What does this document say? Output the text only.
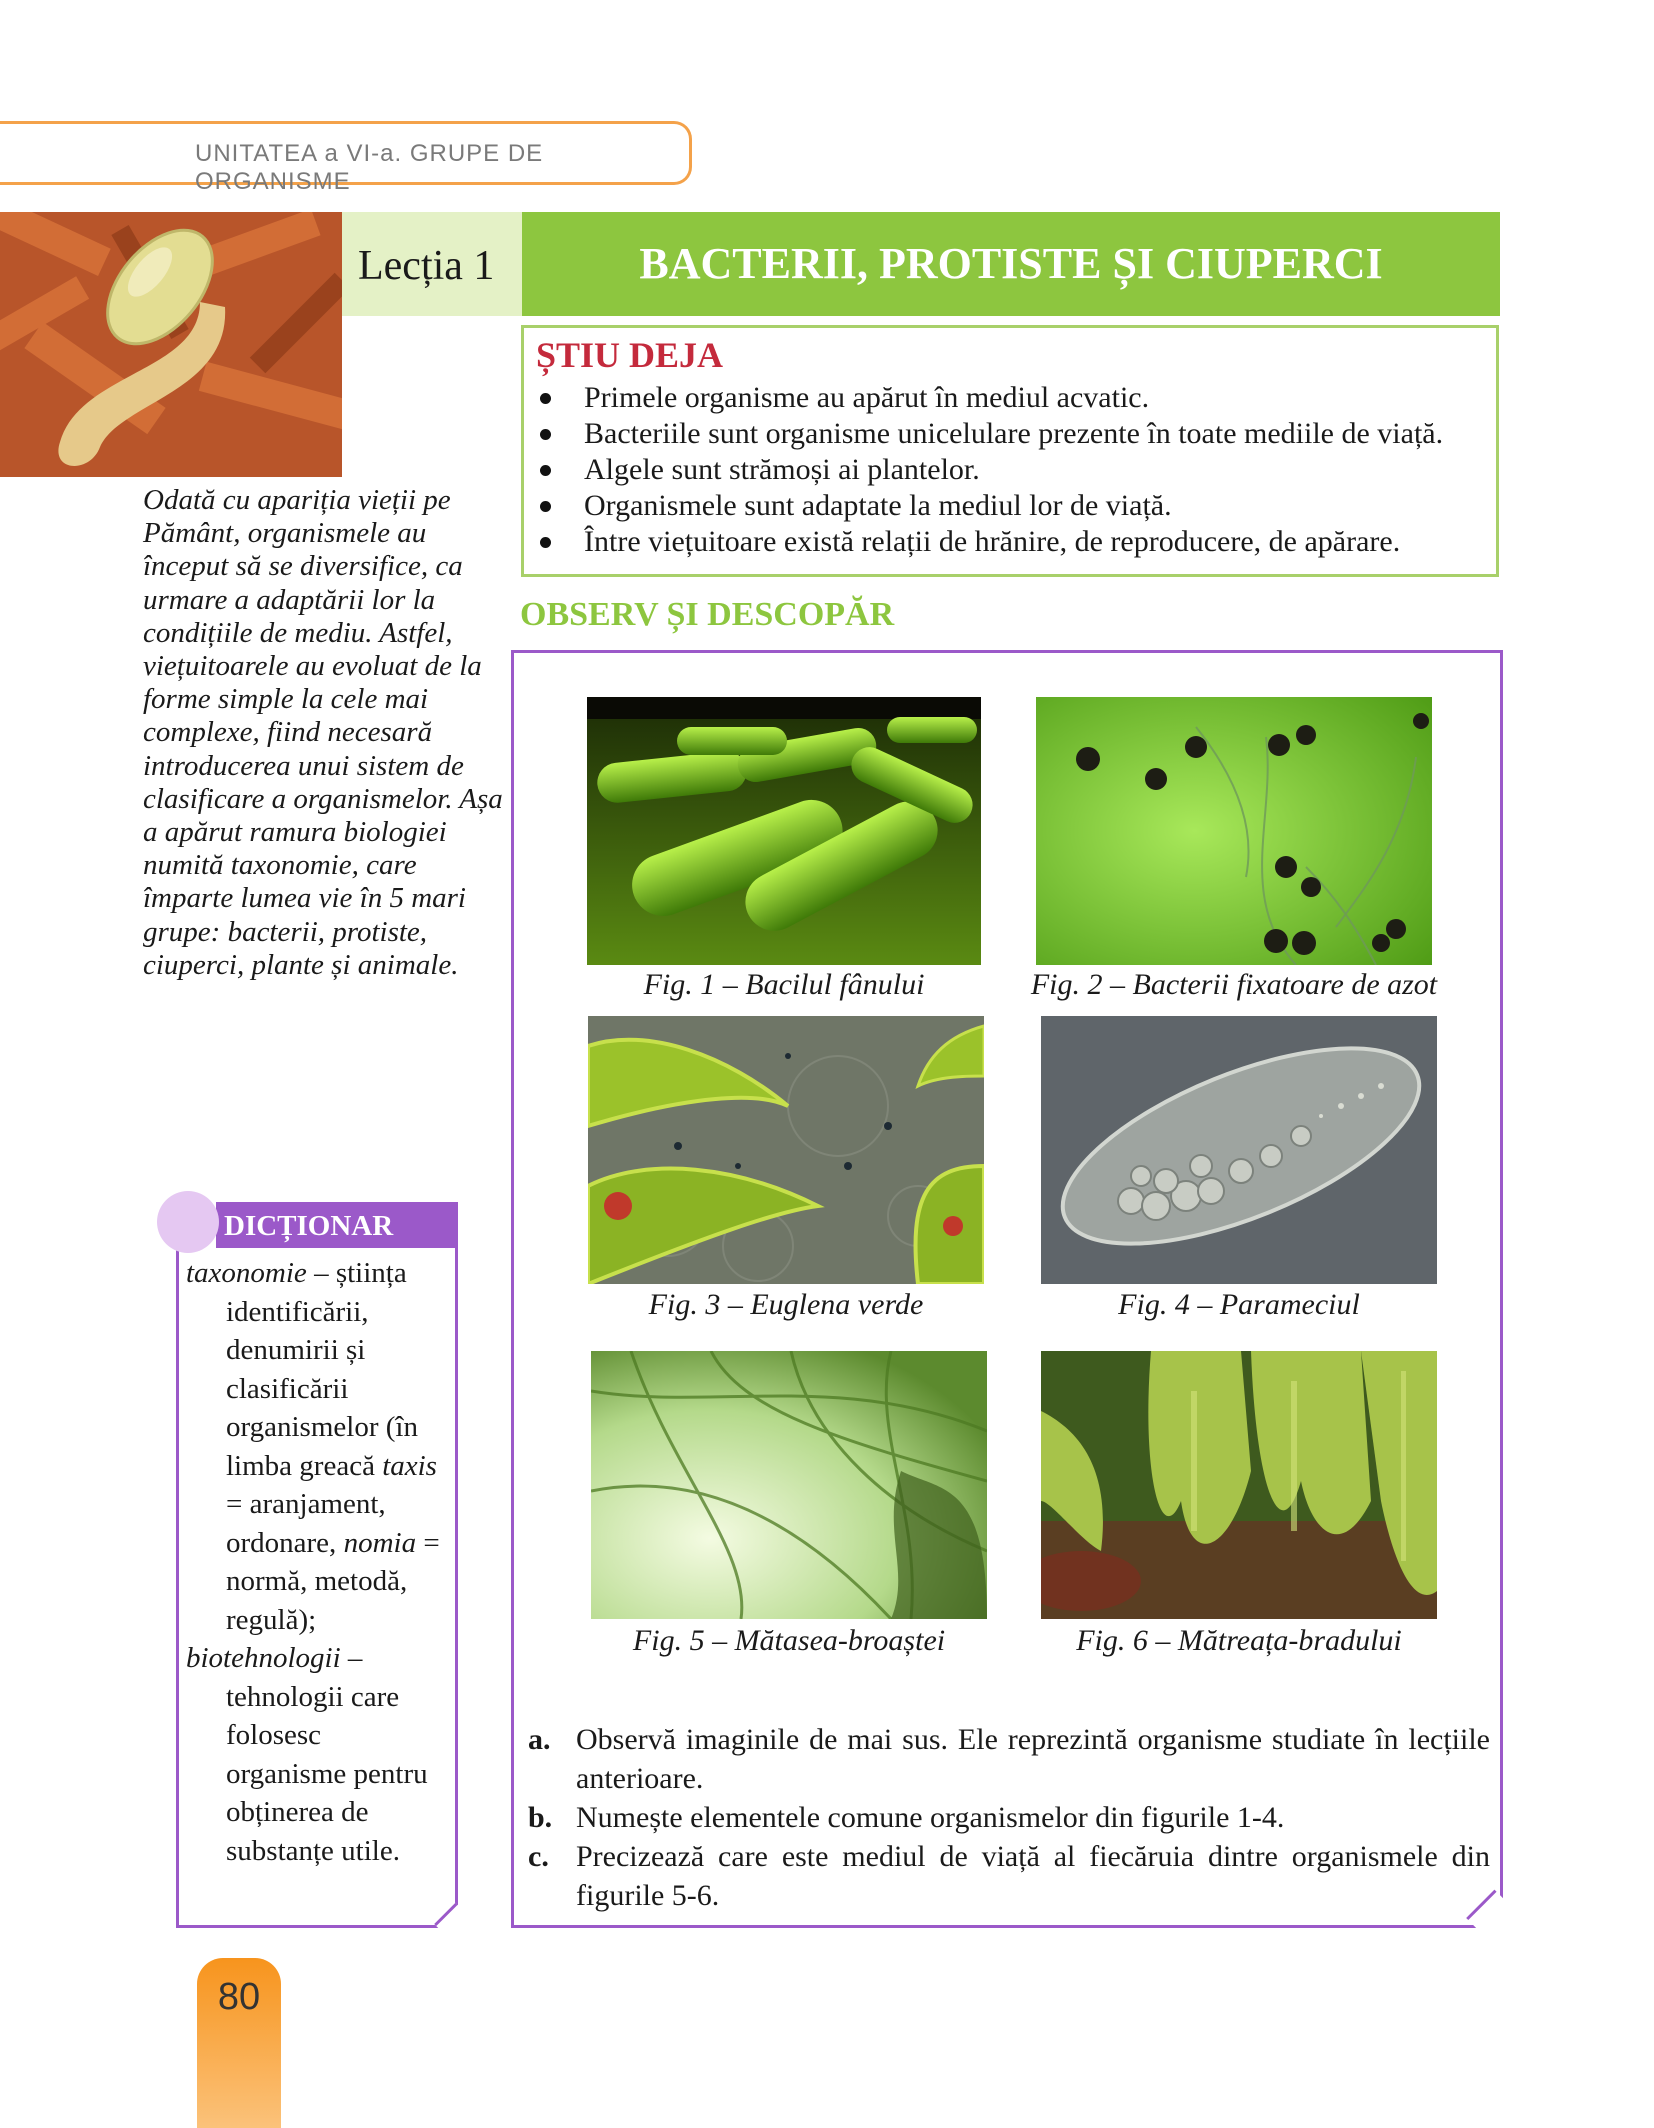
UNITATEA a VI-a. GRUPE DE ORGANISME
Lecția 1	BACTERII, PROTISTE ȘI CIUPERCI
ȘTIU DEJA
Primele organisme au apărut în mediul acvatic.
Bacteriile sunt organisme unicelulare prezente în toate mediile de viață.
Algele sunt strămoși ai plantelor.
Organismele sunt adaptate la mediul lor de viață.
Între viețuitoare există relații de hrănire, de reproducere, de apărare.
Odată cu apariția vieții pe Pământ, organismele au început să se diversifice, ca urmare a adaptării lor la condițiile de mediu. Astfel, viețuitoarele au evoluat de la forme simple la cele mai complexe, fiind necesară introducerea unui sistem de clasificare a organismelor. Așa a apărut ramura biologiei numită taxonomie, care împarte lumea vie în 5 mari grupe: bacterii, protiste, ciuperci, plante și animale.
OBSERV ȘI DESCOPĂR
Fig. 1 – Bacilul fânului	Fig. 2 – Bacterii fixatoare de azot
Fig. 3 – Euglena verde	Fig. 4 – Parameciul
Fig. 5 – Mătasea-broaștei	Fig. 6 – Mătreața-bradului
a. Observă imaginile de mai sus. Ele reprezintă organisme studiate în lecțiile anterioare.
b. Numește elementele comune organismelor din figurile 1-4.
c. Precizează care este mediul de viață al fiecăruia dintre organismele din figurile 5-6.
DICȚIONAR
taxonomie – știința identificării, denumirii și clasificării organismelor (în limba greacă taxis = aranjament, ordonare, nomia = normă, metodă, regulă);
biotehnologii – tehnologii care folosesc organisme pentru obținerea de substanțe utile.
80
